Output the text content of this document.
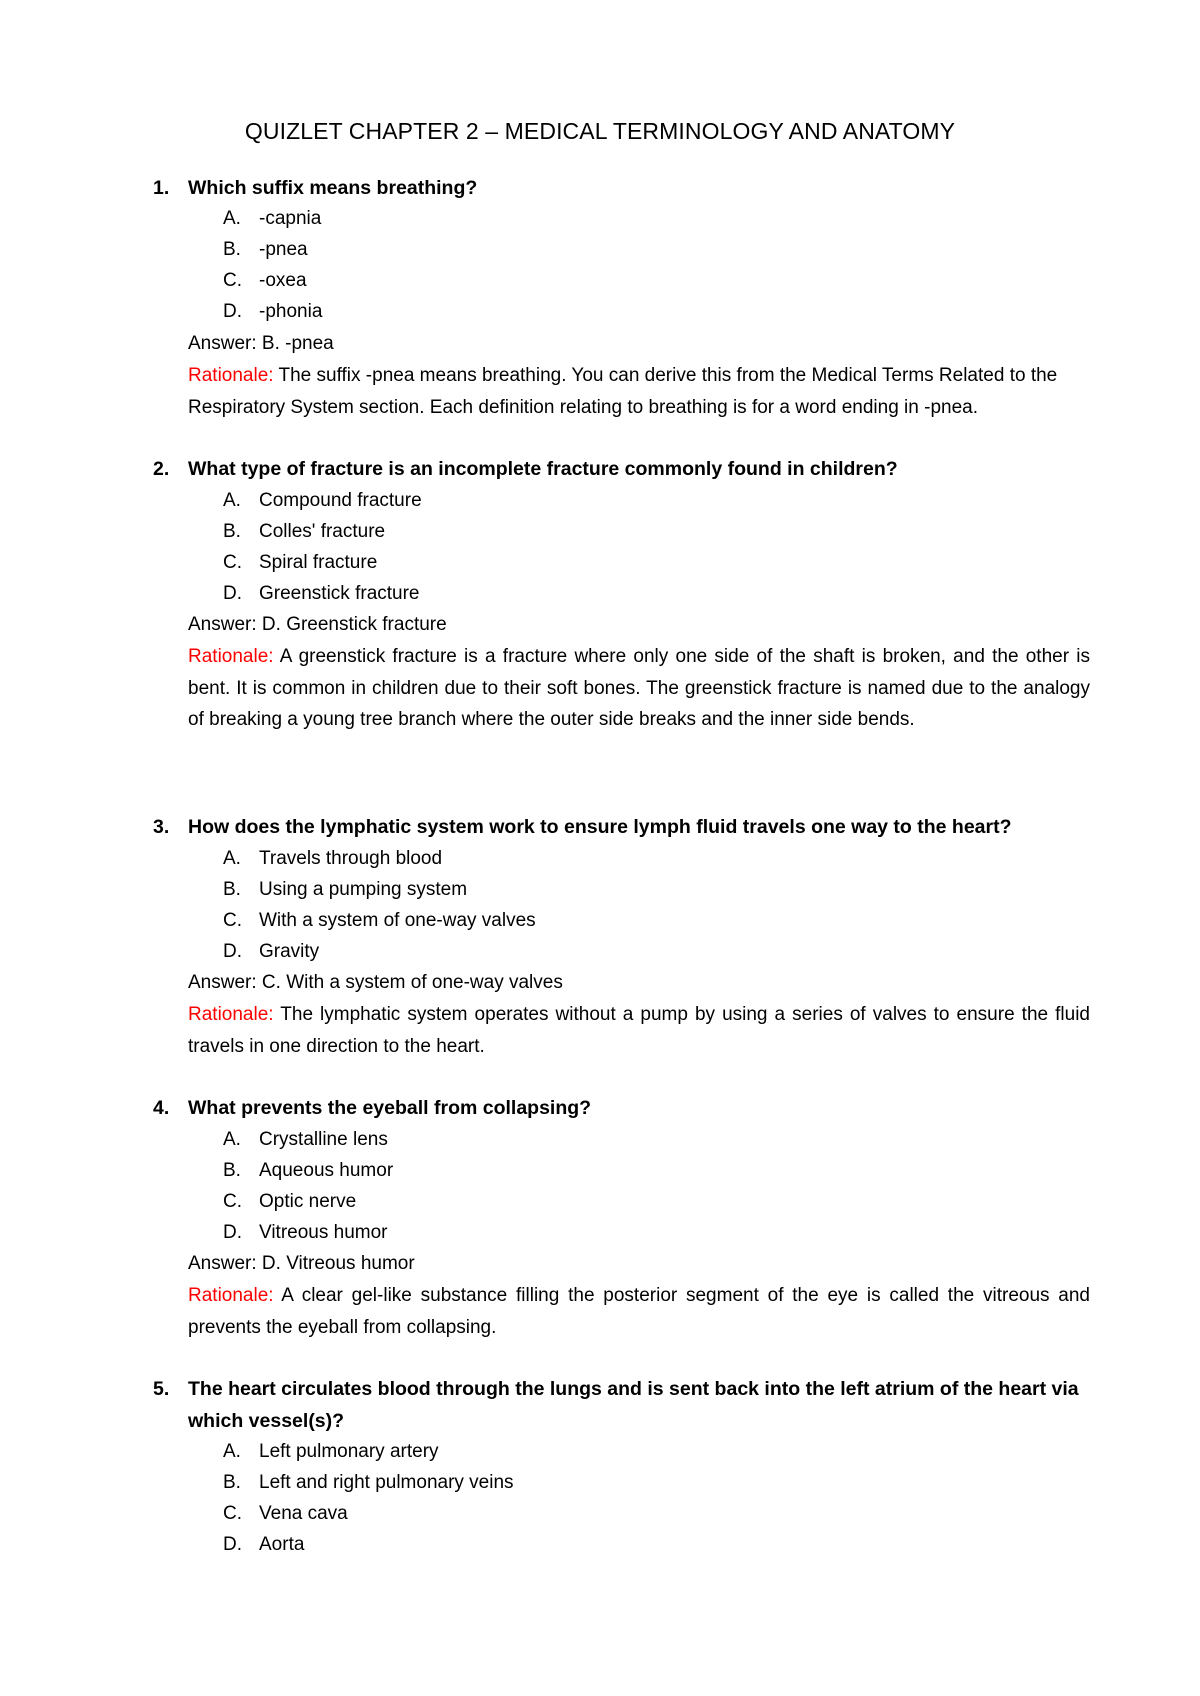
QUIZLET CHAPTER 2 – MEDICAL TERMINOLOGY AND ANATOMY
1. Which suffix means breathing?
A. -capnia
B. -pnea
C. -oxea
D. -phonia
Answer: B. -pnea
Rationale: The suffix -pnea means breathing. You can derive this from the Medical Terms Related to the Respiratory System section. Each definition relating to breathing is for a word ending in -pnea.
2. What type of fracture is an incomplete fracture commonly found in children?
A. Compound fracture
B. Colles' fracture
C. Spiral fracture
D. Greenstick fracture
Answer: D. Greenstick fracture
Rationale: A greenstick fracture is a fracture where only one side of the shaft is broken, and the other is bent. It is common in children due to their soft bones. The greenstick fracture is named due to the analogy of breaking a young tree branch where the outer side breaks and the inner side bends.
3. How does the lymphatic system work to ensure lymph fluid travels one way to the heart?
A. Travels through blood
B. Using a pumping system
C. With a system of one-way valves
D. Gravity
Answer: C. With a system of one-way valves
Rationale: The lymphatic system operates without a pump by using a series of valves to ensure the fluid travels in one direction to the heart.
4. What prevents the eyeball from collapsing?
A. Crystalline lens
B. Aqueous humor
C. Optic nerve
D. Vitreous humor
Answer: D. Vitreous humor
Rationale: A clear gel-like substance filling the posterior segment of the eye is called the vitreous and prevents the eyeball from collapsing.
5. The heart circulates blood through the lungs and is sent back into the left atrium of the heart via which vessel(s)?
A. Left pulmonary artery
B. Left and right pulmonary veins
C. Vena cava
D. Aorta
